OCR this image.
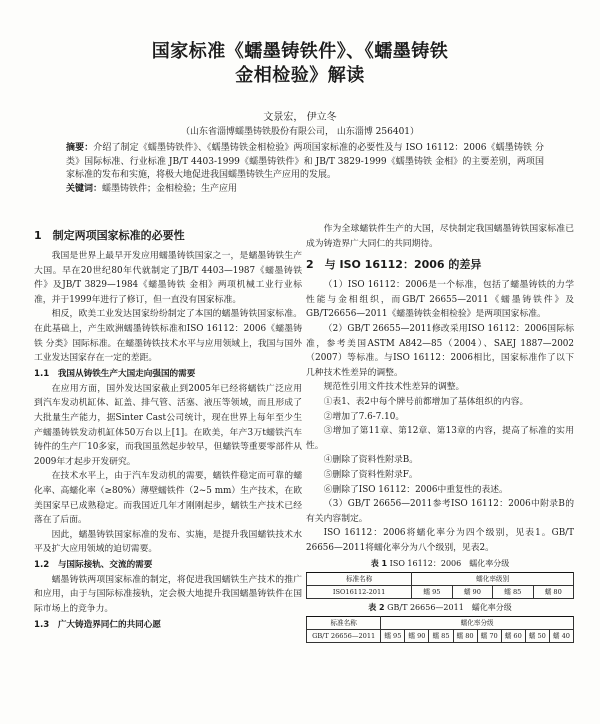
国家标准《蠕墨铸铁件》、《蠕墨铸铁
金相检验》解读
文景宏， 伊立冬
（山东省淄博蠕墨铸铁股份有限公司， 山东淄博 256401）
摘要：介绍了制定《蠕墨铸铁件》、《蠕墨铸铁金相检验》两项国家标准的必要性及与 ISO 16112：2006《蠕墨铸铁 分类》国际标准、行业标准 JB/T 4403-1999《蠕墨铸铁件》和 JB/T 3829-1999《蠕墨铸铁 金相》的主要差别，两项国家标准的发布和实施，将极大地促进我国蠕墨铸铁生产应用的发展。
关键词：蠕墨铸铁件；金相检验；生产应用
1　制定两项国家标准的必要性

我国是世界上最早开发应用蠕墨铸铁国家之一，是蠕墨铸铁生产大国。早在20世纪80年代就制定了JB/T 4403—1987《蠕墨铸铁件》及JB/T 3829—1984《蠕墨铸铁 金相》两项机械工业行业标准，并于1999年进行了修订，但一直没有国家标准。

相反，欧美工业发达国家纷纷制定了本国的蠕墨铸铁国家标准。在此基础上，产生欧洲蠕墨铸铁标准和ISO 16112：2006《蠕墨铸铁 分类》国际标准。在蠕墨铸铁技术水平与应用领域上，我国与国外工业发达国家存在一定的差距。

1.1　我国从铸铁生产大国走向强国的需要

在应用方面，国外发达国家截止到2005年已经将蠕铁广泛应用到汽车发动机缸体、缸盖、排气管、活塞、液压等领域，而且形成了大批量生产能力，据Sinter Cast公司统计，现在世界上每年至少生产蠕墨铸铁发动机缸体50万台以上[1]。在欧美，年产3万t蠕铁汽车铸件的生产厂10多家，而我国虽然起步较早，但蠕铁等重要零部件从2009年才起步开发研究。

在技术水平上，由于汽车发动机的需要，蠕铁件稳定而可靠的蠕化率、高蠕化率（≥80%）薄壁蠕铁件（2~5 mm）生产技术，在欧美国家早已成熟稳定。而我国近几年才刚刚起步，蠕铁生产技术已经落在了后面。

因此，蠕墨铸铁国家标准的发布、实施，是提升我国蠕铁技术水平及扩大应用领域的迫切需要。

1.2　与国际接轨、交流的需要

蠕墨铸铁两项国家标准的制定，将促进我国蠕铁生产技术的推广和应用，由于与国际标准接轨，定会极大地提升我国蠕墨铸铁件在国际市场上的竞争力。

1.3　广大铸造界同仁的共同心愿

作为全球蠕铁件生产的大国，尽快制定我国蠕墨铸铁国家标准已成为铸造界广大同仁的共同期待。

2　与 ISO 16112：2006 的差异

（1）ISO 16112：2006是一个标准，包括了蠕墨铸铁的力学性能与金相组织，而GB/T 26655—2011《蠕墨铸铁件》及GB/T26656—2011《蠕墨铸铁金相检验》是两项国家标准。

（2）GB/T 26655—2011修改采用ISO 16112：2006国际标准，参考美国ASTM A842—85（2004）、SAEJ 1887—2002（2007）等标准。与ISO 16112：2006相比，国家标准作了以下几种技术性差异的调整。

规范性引用文件技术性差异的调整。

①表1、表2中每个牌号前都增加了基体组织的内容。

②增加了7.6-7.10。

③增加了第11章、第12章、第13章的内容，提高了标准的实用性。

④删除了资料性附录B。

⑤删除了资料性附录F。

⑥删除了ISO 16112：2006中重复性的表述。

（3）GB/T 26656—2011参考ISO 16112：2006中附录B的有关内容制定。

ISO 16112：2006将蠕化率分为四个级别，见表1。GB/T 26656—2011将蠕化率分为八个级别，见表2。

表 1 ISO 16112：2006　蠕化率分级
标准名称	蠕化率级别			
ISO16112-2011	蠕 95	蠕 90	蠕 85	蠕 80
表 2 GB/T 26656—2011　蠕化率分级
标准名称	蠕化率分级							
GB/T 26656—2011	蠕 95	蠕 90	蠕 85	蠕 80	蠕 70	蠕 60	蠕 50	蠕 40
